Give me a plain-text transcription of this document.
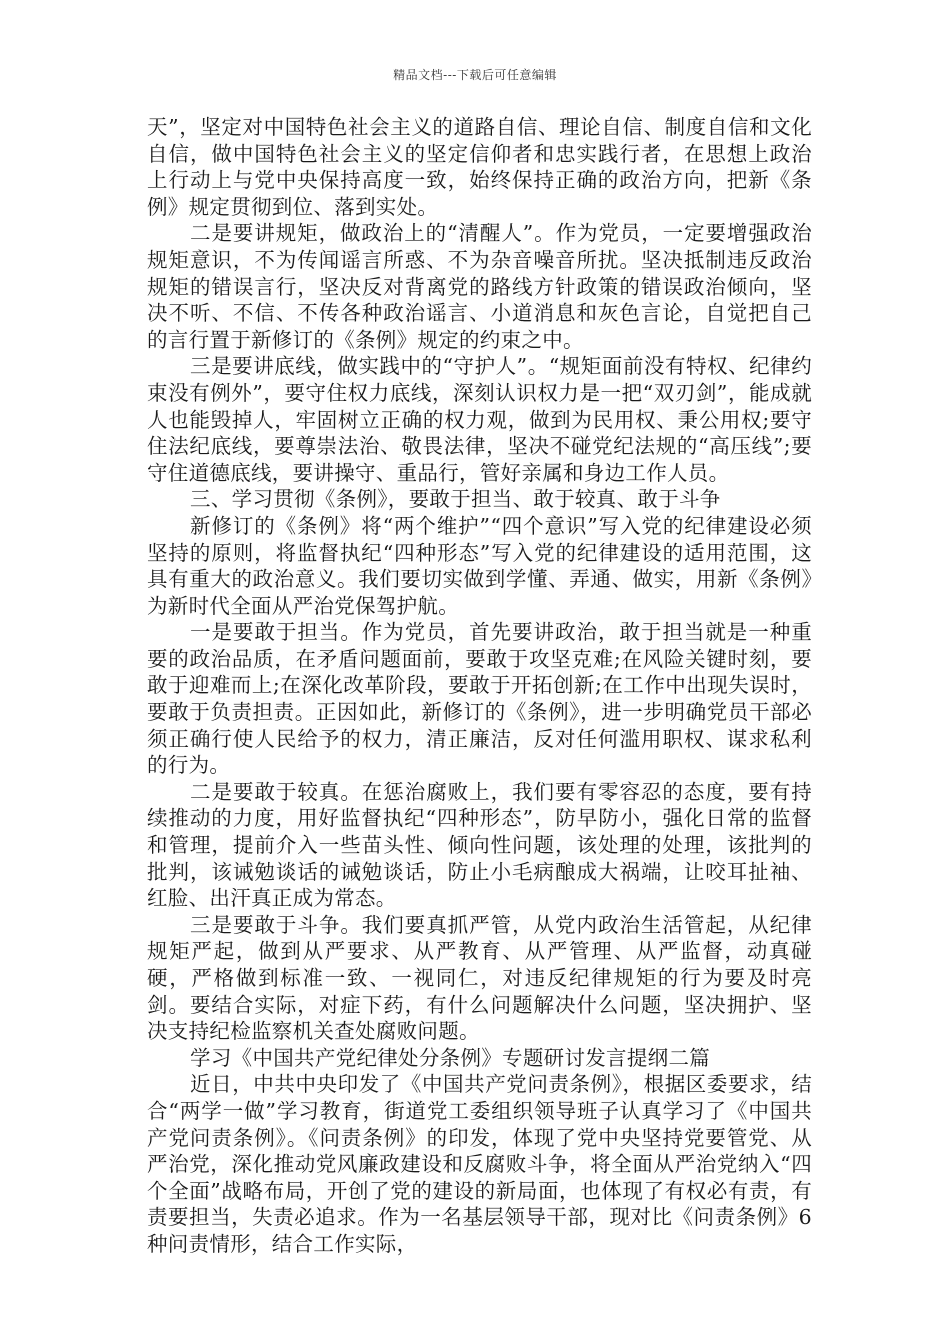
精品文档---下载后可任意编辑

天”，坚定对中国特色社会主义的道路自信、理论自信、制度自信和文化自信，做中国特色社会主义的坚定信仰者和忠实践行者，在思想上政治上行动上与党中央保持高度一致，始终保持正确的政治方向，把新《条例》规定贯彻到位、落到实处。

二是要讲规矩，做政治上的“清醒人”。作为党员，一定要增强政治规矩意识，不为传闻谣言所惑、不为杂音噪音所扰。坚决抵制违反政治规矩的错误言行，坚决反对背离党的路线方针政策的错误政治倾向，坚决不听、不信、不传各种政治谣言、小道消息和灰色言论，自觉把自己的言行置于新修订的《条例》规定的约束之中。

三是要讲底线，做实践中的“守护人”。“规矩面前没有特权、纪律约束没有例外”，要守住权力底线，深刻认识权力是一把“双刃剑”，能成就人也能毁掉人，牢固树立正确的权力观，做到为民用权、秉公用权;要守住法纪底线，要尊崇法治、敬畏法律，坚决不碰党纪法规的“高压线”;要守住道德底线，要讲操守、重品行，管好亲属和身边工作人员。

三、学习贯彻《条例》，要敢于担当、敢于较真、敢于斗争

新修订的《条例》将“两个维护”“四个意识”写入党的纪律建设必须坚持的原则，将监督执纪“四种形态”写入党的纪律建设的适用范围，这具有重大的政治意义。我们要切实做到学懂、弄通、做实，用新《条例》为新时代全面从严治党保驾护航。

一是要敢于担当。作为党员，首先要讲政治，敢于担当就是一种重要的政治品质，在矛盾问题面前，要敢于攻坚克难;在风险关键时刻，要敢于迎难而上;在深化改革阶段，要敢于开拓创新;在工作中出现失误时，要敢于负责担责。正因如此，新修订的《条例》，进一步明确党员干部必须正确行使人民给予的权力，清正廉洁，反对任何滥用职权、谋求私利的行为。

二是要敢于较真。在惩治腐败上，我们要有零容忍的态度，要有持续推动的力度，用好监督执纪“四种形态”，防早防小，强化日常的监督和管理，提前介入一些苗头性、倾向性问题，该处理的处理，该批判的批判，该诫勉谈话的诫勉谈话，防止小毛病酿成大祸端，让咬耳扯袖、红脸、出汗真正成为常态。

三是要敢于斗争。我们要真抓严管，从党内政治生活管起，从纪律规矩严起，做到从严要求、从严教育、从严管理、从严监督，动真碰硬，严格做到标准一致、一视同仁，对违反纪律规矩的行为要及时亮剑。要结合实际，对症下药，有什么问题解决什么问题，坚决拥护、坚决支持纪检监察机关查处腐败问题。

学习《中国共产党纪律处分条例》专题研讨发言提纲二篇

近日，中共中央印发了《中国共产党问责条例》，根据区委要求，结合“两学一做”学习教育，街道党工委组织领导班子认真学习了《中国共产党问责条例》。《问责条例》的印发，体现了党中央坚持党要管党、从严治党，深化推动党风廉政建设和反腐败斗争，将全面从严治党纳入“四个全面”战略布局，开创了党的建设的新局面，也体现了有权必有责，有责要担当，失责必追求。作为一名基层领导干部，现对比《问责条例》6种问责情形，结合工作实际，
